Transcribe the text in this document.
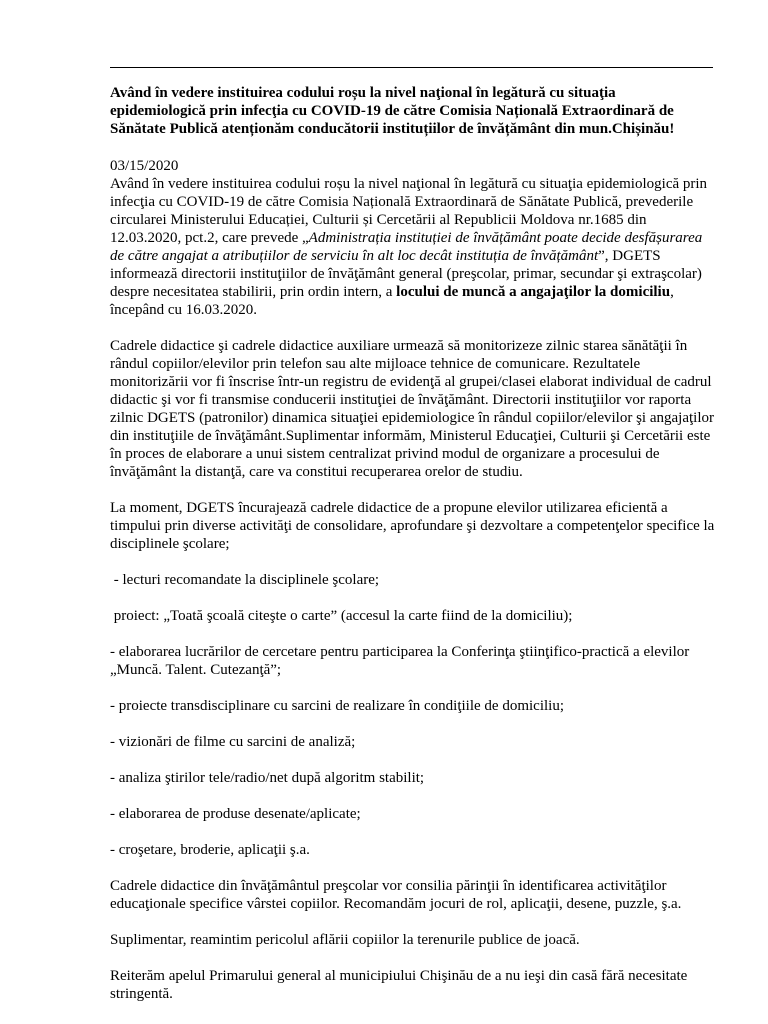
Având în vedere instituirea codului roșu la nivel naţional în legătură cu situaţia epidemiologică prin infecţia cu COVID-19 de către Comisia Națională Extraordinară de Sănătate Publică atenționăm conducătorii instituțiilor de învățământ din mun.Chișinău!

03/15/2020

Având în vedere instituirea codului roșu la nivel naţional în legătură cu situaţia epidemiologică prin infecţia cu COVID-19 de către Comisia Națională Extraordinară de Sănătate Publică, prevederile circularei Ministerului Educației, Culturii și Cercetării al Republicii Moldova nr.1685 din 12.03.2020, pct.2, care prevede „Administrația instituției de învățământ poate decide desfășurarea de către angajat a atribuțiilor de serviciu în alt loc decât instituția de învățământ”, DGETS informează directorii instituţiilor de învăţământ general (preşcolar, primar, secundar şi extraşcolar) despre necesitatea stabilirii, prin ordin intern, a locului de muncă a angajaţilor la domiciliu, începând cu 16.03.2020.

Cadrele didactice şi cadrele didactice auxiliare urmează să monitorizeze zilnic starea sănătăţii în rândul copiilor/elevilor prin telefon sau alte mijloace tehnice de comunicare. Rezultatele monitorizării vor fi înscrise într-un registru de evidenţă al grupei/clasei elaborat individual de cadrul didactic şi vor fi transmise conducerii instituţiei de învăţământ. Directorii instituţiilor vor raporta zilnic DGETS (patronilor) dinamica situaţiei epidemiologice în rândul copiilor/elevilor şi angajaţilor din instituţiile de învăţământ.Suplimentar informăm, Ministerul Educaţiei, Culturii şi Cercetării este în proces de elaborare a unui sistem centralizat privind modul de organizare a procesului de învăţământ la distanţă, care va constitui recuperarea orelor de studiu.

La moment, DGETS încurajează cadrele didactice de a propune elevilor utilizarea eficientă a timpului prin diverse activităţi de consolidare, aprofundare şi dezvoltare a competenţelor specifice la disciplinele şcolare;

- lecturi recomandate la disciplinele şcolare;

proiect: „Toată şcoală citeşte o carte” (accesul la carte fiind de la domiciliu);

- elaborarea lucrărilor de cercetare pentru participarea la Conferinţa ştiinţifico-practică a elevilor „Muncă. Talent. Cutezanţă”;

- proiecte transdisciplinare cu sarcini de realizare în condiţiile de domiciliu;

- vizionări de filme cu sarcini de analiză;

- analiza ştirilor tele/radio/net după algoritm stabilit;

- elaborarea de produse desenate/aplicate;

- croşetare, broderie, aplicaţii ş.a.

Cadrele didactice din învăţământul preşcolar vor consilia părinţii în identificarea activităţilor educaţionale specifice vârstei copiilor. Recomandăm jocuri de rol, aplicaţii, desene, puzzle, ş.a.

Suplimentar, reamintim pericolul aflării copiilor la terenurile publice de joacă.

Reiterăm apelul Primarului general al municipiului Chişinău de a nu ieşi din casă fără necesitate stringentă.
